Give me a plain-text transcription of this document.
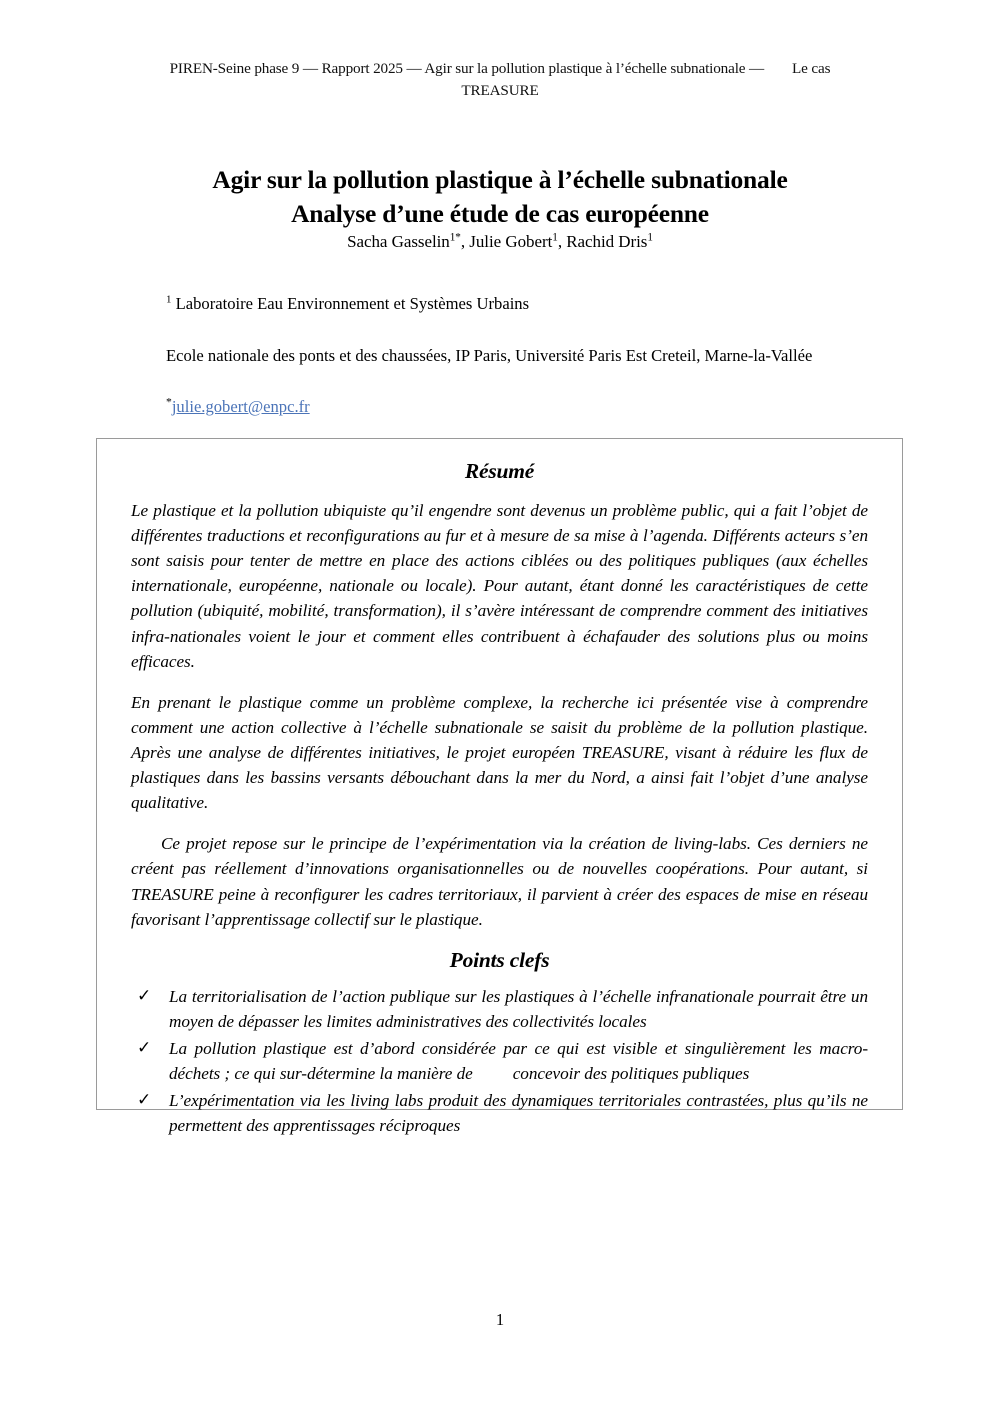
PIREN-Seine phase 9 — Rapport 2025 — Agir sur la pollution plastique à l’échelle subnationale — Le cas
TREASURE
Agir sur la pollution plastique à l’échelle subnationale
Analyse d’une étude de cas européenne
Sacha Gasselin$^{1*}$, Julie Gobert$^1$, Rachid Dris$^1$

$^1$ Laboratoire Eau Environnement et Systèmes Urbains

Ecole nationale des ponts et des chaussées, IP Paris, Université Paris Est Creteil, Marne-la-Vallée

*julie.gobert@enpc.fr

Résumé

Le plastique et la pollution ubiquiste qu’il engendre sont devenus un problème public, qui a fait l’objet de différentes traductions et reconfigurations au fur et à mesure de sa mise à l’agenda. Différents acteurs s’en sont saisis pour tenter de mettre en place des actions ciblées ou des politiques publiques (aux échelles internationale, européenne, nationale ou locale). Pour autant, étant donné les caractéristiques de cette pollution (ubiquité, mobilité, transformation), il s’avère intéressant de comprendre comment des initiatives infra-nationales voient le jour et comment elles contribuent à échafauder des solutions plus ou moins efficaces.

En prenant le plastique comme un problème complexe, la recherche ici présentée vise à comprendre comment une action collective à l’échelle subnationale se saisit du problème de la pollution plastique. Après une analyse de différentes initiatives, le projet européen TREASURE, visant à réduire les flux de plastiques dans les bassins versants débouchant dans la mer du Nord, a ainsi fait l’objet d’une analyse qualitative.

Ce projet repose sur le principe de l’expérimentation via la création de living-labs. Ces derniers ne créent pas réellement d’innovations organisationnelles ou de nouvelles coopérations. Pour autant, si TREASURE peine à reconfigurer les cadres territoriaux, il parvient à créer des espaces de mise en réseau favorisant l’apprentissage collectif sur le plastique.

Points clefs
✓ La territorialisation de l’action publique sur les plastiques à l’échelle infranationale pourrait être un moyen de dépasser les limites administratives des collectivités locales
✓ La pollution plastique est d’abord considérée par ce qui est visible et singulièrement les macro-déchets ; ce qui sur-détermine la manière de concevoir des politiques publiques
✓ L’expérimentation via les living labs produit des dynamiques territoriales contrastées, plus qu’ils ne permettent des apprentissages réciproques
1
